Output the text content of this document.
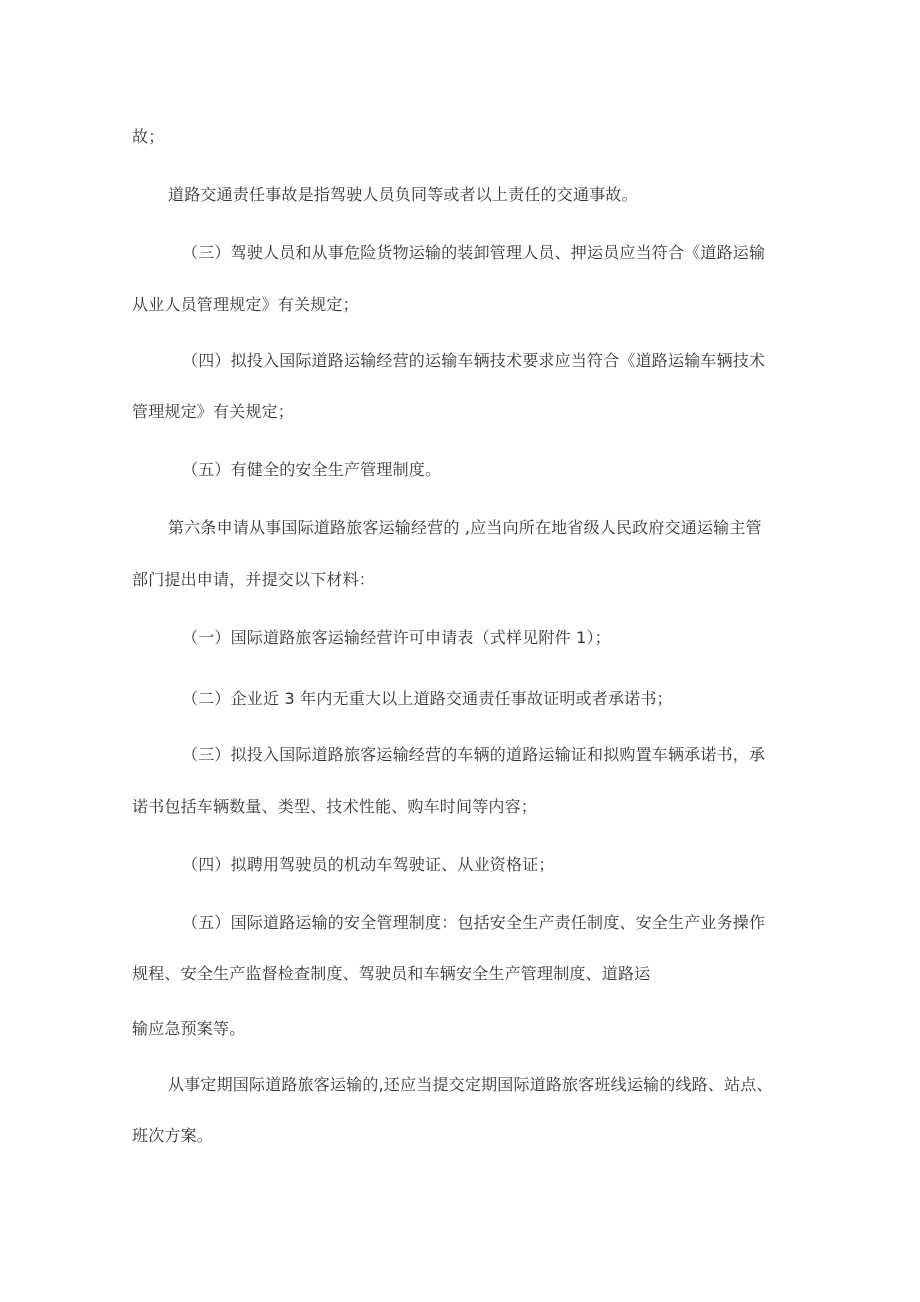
故；

道路交通责任事故是指驾驶人员负同等或者以上责任的交通事故。

（三）驾驶人员和从事危险货物运输的装卸管理人员、押运员应当符合《道路运输

从业人员管理规定》有关规定；

（四）拟投入国际道路运输经营的运输车辆技术要求应当符合《道路运输车辆技术

管理规定》有关规定；

（五）有健全的安全生产管理制度。

第六条申请从事国际道路旅客运输经营的 ,应当向所在地省级人民政府交通运输主管

部门提出申请，并提交以下材料：

（一）国际道路旅客运输经营许可申请表（式样见附件 1）；

（二）企业近 3 年内无重大以上道路交通责任事故证明或者承诺书；

（三）拟投入国际道路旅客运输经营的车辆的道路运输证和拟购置车辆承诺书，承

诺书包括车辆数量、类型、技术性能、购车时间等内容；

（四）拟聘用驾驶员的机动车驾驶证、从业资格证；

（五）国际道路运输的安全管理制度：包括安全生产责任制度、安全生产业务操作

规程、安全生产监督检查制度、驾驶员和车辆安全生产管理制度、道路运

输应急预案等。

从事定期国际道路旅客运输的,还应当提交定期国际道路旅客班线运输的线路、站点、

班次方案。
